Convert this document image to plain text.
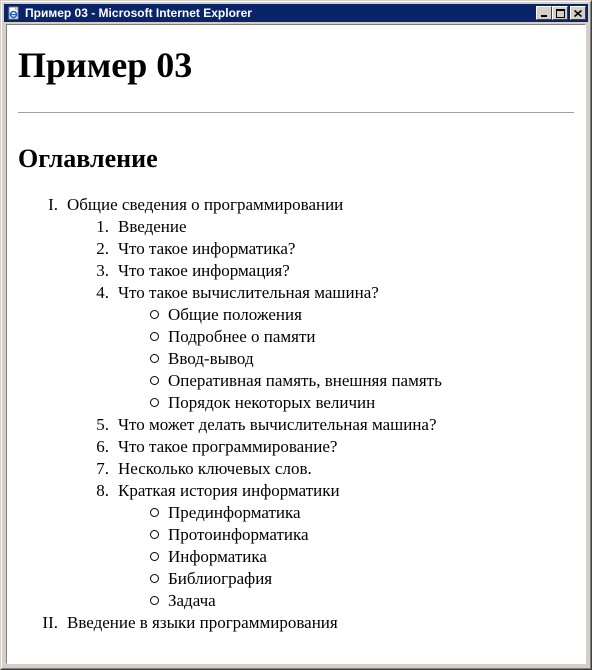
Пример 03 - Microsoft Internet Explorer
Пример 03
Оглавление
I. Общие сведения о программировании
1. Введение
2. Что такое информатика?
3. Что такое информация?
4. Что такое вычислительная машина?
Общие положения
Подробнее о памяти
Ввод-вывод
Оперативная память, внешняя память
Порядок некоторых величин
5. Что может делать вычислительная машина?
6. Что такое программирование?
7. Несколько ключевых слов.
8. Краткая история информатики
Прединформатика
Протоинформатика
Информатика
Библиография
Задача
II. Введение в языки программирования
